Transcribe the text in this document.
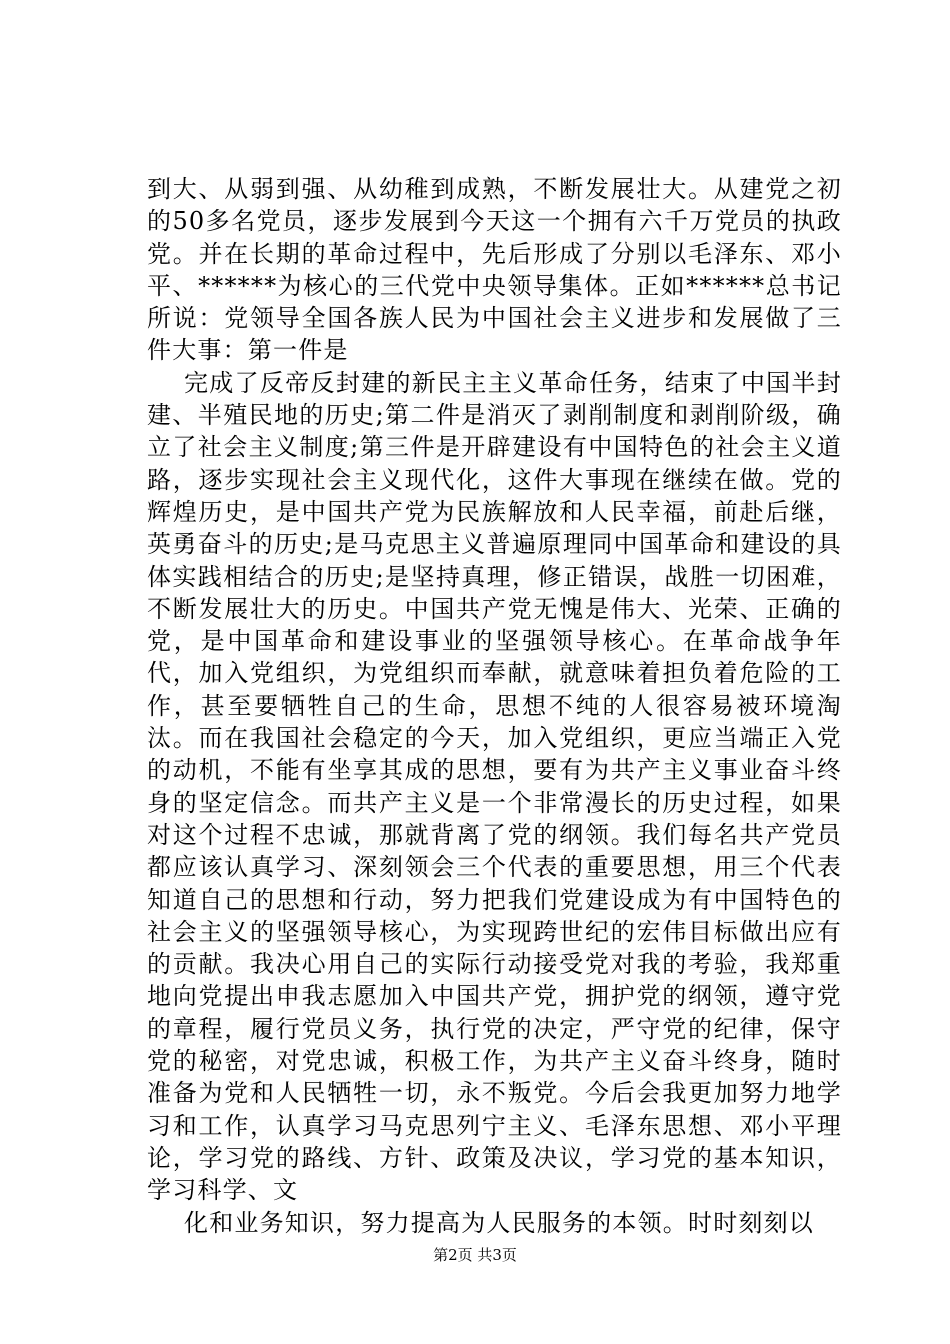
到大、从弱到强、从幼稚到成熟，不断发展壮大。从建党之初的50多名党员，逐步发展到今天这一个拥有六千万党员的执政党。并在长期的革命过程中，先后形成了分别以毛泽东、邓小平、******为核心的三代党中央领导集体。正如******总书记所说：党领导全国各族人民为中国社会主义进步和发展做了三件大事：第一件是

完成了反帝反封建的新民主主义革命任务，结束了中国半封建、半殖民地的历史;第二件是消灭了剥削制度和剥削阶级，确立了社会主义制度;第三件是开辟建设有中国特色的社会主义道路，逐步实现社会主义现代化，这件大事现在继续在做。党的辉煌历史，是中国共产党为民族解放和人民幸福，前赴后继，英勇奋斗的历史;是马克思主义普遍原理同中国革命和建设的具体实践相结合的历史;是坚持真理，修正错误，战胜一切困难，不断发展壮大的历史。中国共产党无愧是伟大、光荣、正确的党，是中国革命和建设事业的坚强领导核心。在革命战争年代，加入党组织，为党组织而奉献，就意味着担负着危险的工作，甚至要牺牲自己的生命，思想不纯的人很容易被环境淘汰。而在我国社会稳定的今天，加入党组织，更应当端正入党的动机，不能有坐享其成的思想，要有为共产主义事业奋斗终身的坚定信念。而共产主义是一个非常漫长的历史过程，如果对这个过程不忠诚，那就背离了党的纲领。我们每名共产党员都应该认真学习、深刻领会三个代表的重要思想，用三个代表知道自己的思想和行动，努力把我们党建设成为有中国特色的社会主义的坚强领导核心，为实现跨世纪的宏伟目标做出应有的贡献。我决心用自己的实际行动接受党对我的考验，我郑重地向党提出申我志愿加入中国共产党，拥护党的纲领，遵守党的章程，履行党员义务，执行党的决定，严守党的纪律，保守党的秘密，对党忠诚，积极工作，为共产主义奋斗终身，随时准备为党和人民牺牲一切，永不叛党。今后会我更加努力地学习和工作，认真学习马克思列宁主义、毛泽东思想、邓小平理论，学习党的路线、方针、政策及决议，学习党的基本知识，学习科学、文

化和业务知识，努力提高为人民服务的本领。时时刻刻以

第2页 共3页
